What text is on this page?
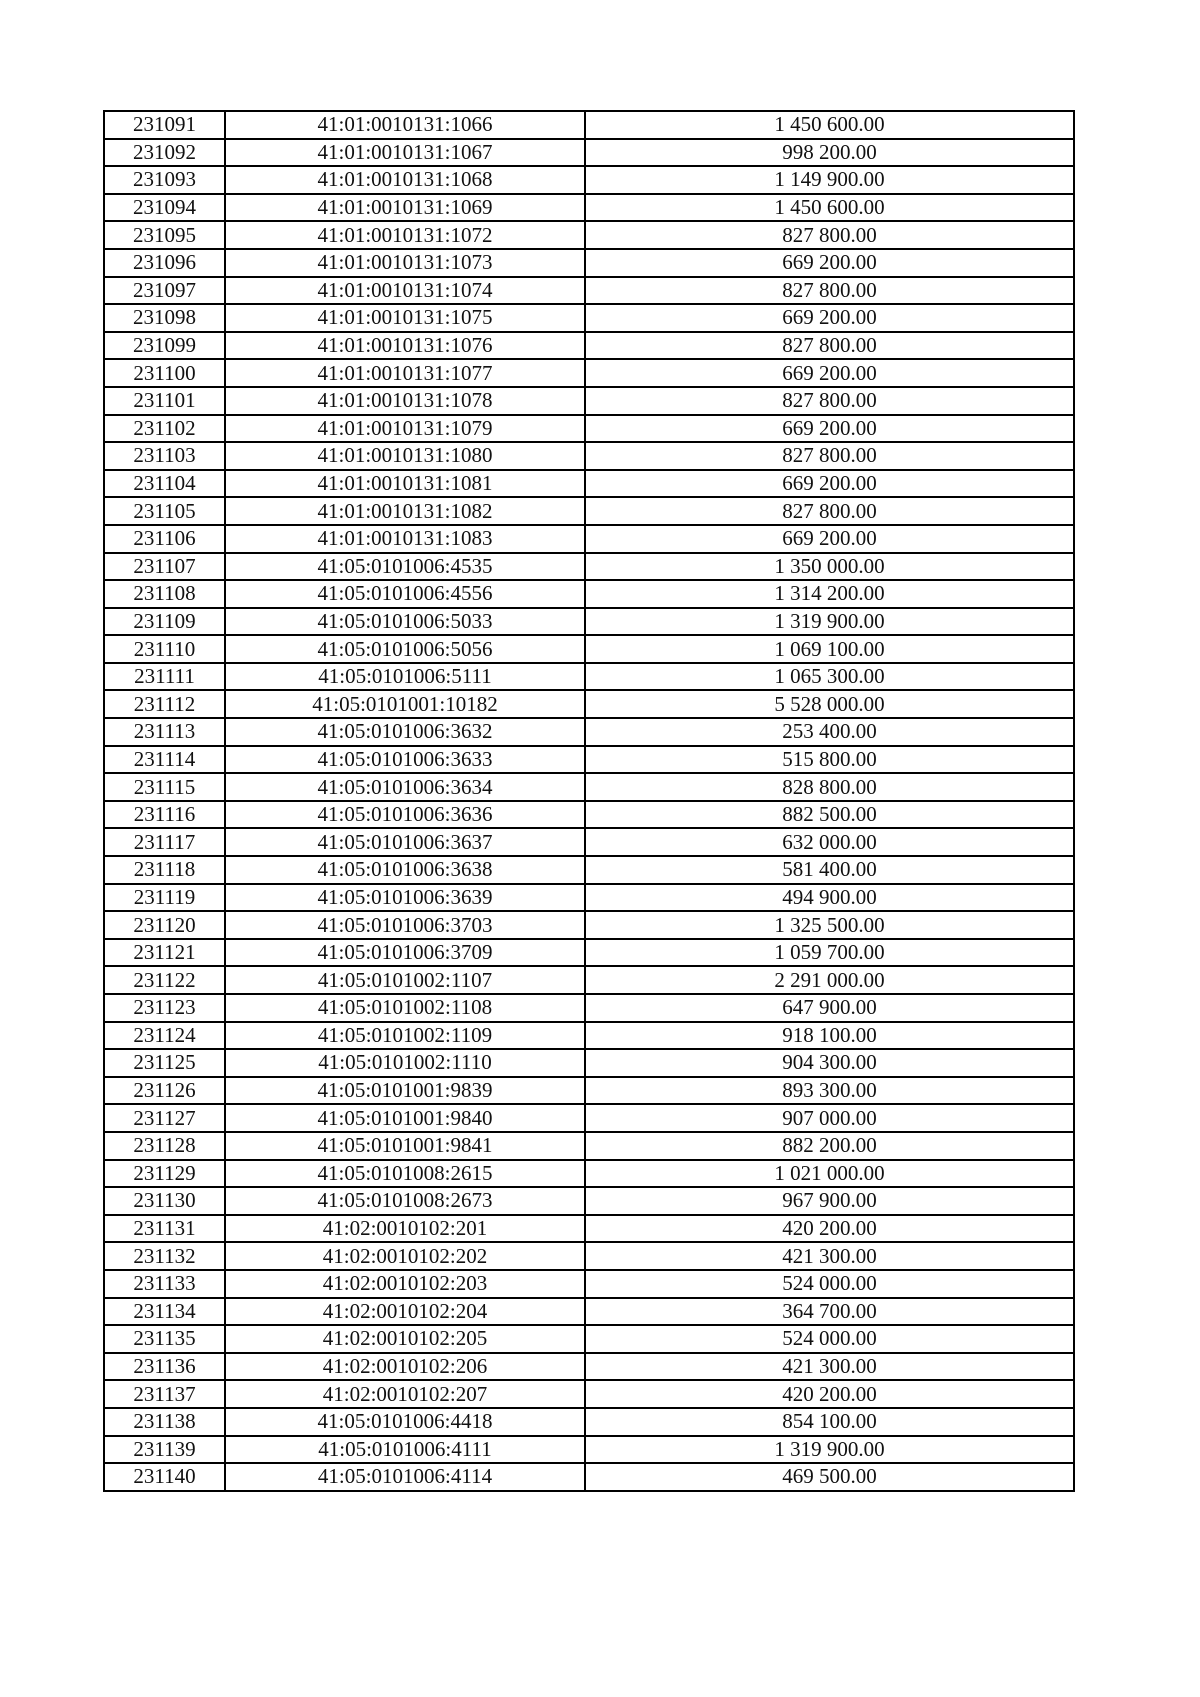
231091	41:01:0010131:1066	1 450 600.00
231092	41:01:0010131:1067	998 200.00
231093	41:01:0010131:1068	1 149 900.00
231094	41:01:0010131:1069	1 450 600.00
231095	41:01:0010131:1072	827 800.00
231096	41:01:0010131:1073	669 200.00
231097	41:01:0010131:1074	827 800.00
231098	41:01:0010131:1075	669 200.00
231099	41:01:0010131:1076	827 800.00
231100	41:01:0010131:1077	669 200.00
231101	41:01:0010131:1078	827 800.00
231102	41:01:0010131:1079	669 200.00
231103	41:01:0010131:1080	827 800.00
231104	41:01:0010131:1081	669 200.00
231105	41:01:0010131:1082	827 800.00
231106	41:01:0010131:1083	669 200.00
231107	41:05:0101006:4535	1 350 000.00
231108	41:05:0101006:4556	1 314 200.00
231109	41:05:0101006:5033	1 319 900.00
231110	41:05:0101006:5056	1 069 100.00
231111	41:05:0101006:5111	1 065 300.00
231112	41:05:0101001:10182	5 528 000.00
231113	41:05:0101006:3632	253 400.00
231114	41:05:0101006:3633	515 800.00
231115	41:05:0101006:3634	828 800.00
231116	41:05:0101006:3636	882 500.00
231117	41:05:0101006:3637	632 000.00
231118	41:05:0101006:3638	581 400.00
231119	41:05:0101006:3639	494 900.00
231120	41:05:0101006:3703	1 325 500.00
231121	41:05:0101006:3709	1 059 700.00
231122	41:05:0101002:1107	2 291 000.00
231123	41:05:0101002:1108	647 900.00
231124	41:05:0101002:1109	918 100.00
231125	41:05:0101002:1110	904 300.00
231126	41:05:0101001:9839	893 300.00
231127	41:05:0101001:9840	907 000.00
231128	41:05:0101001:9841	882 200.00
231129	41:05:0101008:2615	1 021 000.00
231130	41:05:0101008:2673	967 900.00
231131	41:02:0010102:201	420 200.00
231132	41:02:0010102:202	421 300.00
231133	41:02:0010102:203	524 000.00
231134	41:02:0010102:204	364 700.00
231135	41:02:0010102:205	524 000.00
231136	41:02:0010102:206	421 300.00
231137	41:02:0010102:207	420 200.00
231138	41:05:0101006:4418	854 100.00
231139	41:05:0101006:4111	1 319 900.00
231140	41:05:0101006:4114	469 500.00
